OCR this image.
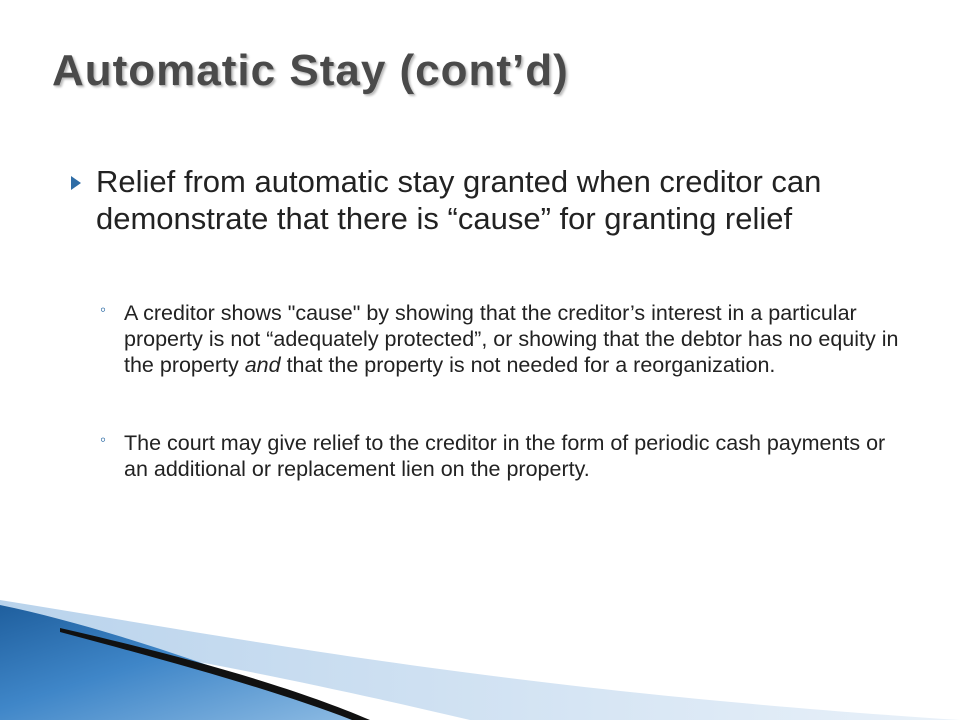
Automatic Stay (cont’d)
Relief from automatic stay granted when creditor can demonstrate that there is “cause” for granting relief
◦ A creditor shows "cause" by showing that the creditor’s interest in a particular property is not “adequately protected”, or showing that the debtor has no equity in the property and that the property is not needed for a reorganization.
◦ The court may give relief to the creditor in the form of periodic cash payments or an additional or replacement lien on the property.
